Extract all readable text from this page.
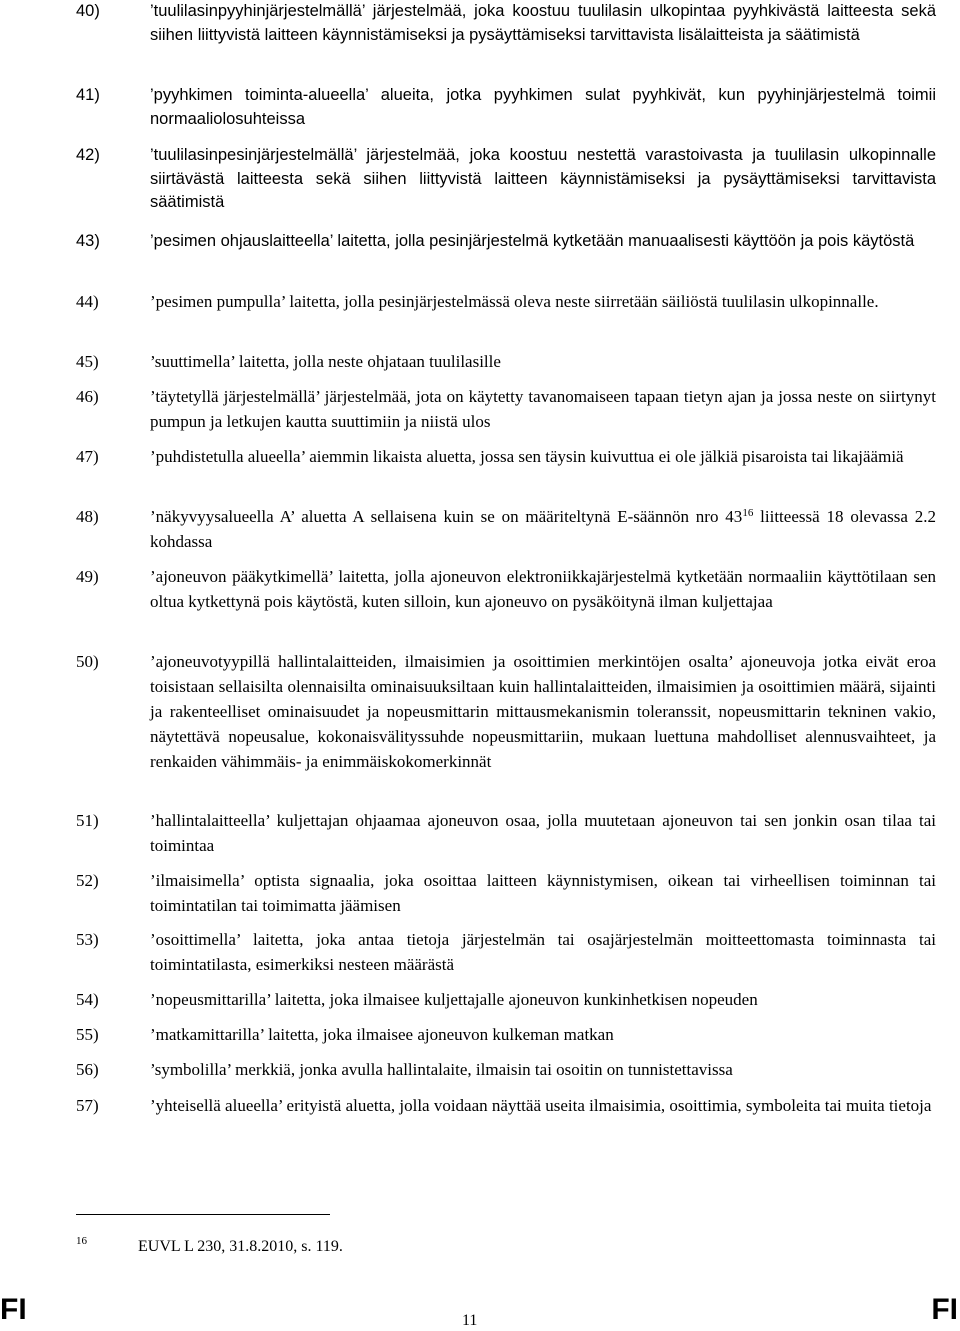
40)	’tuulilasinpyyhinjärjestelmällä’ järjestelmää, joka koostuu tuulilasin ulkopintaa pyyhkivästä laitteesta sekä siihen liittyvistä laitteen käynnistämiseksi ja pysäyttämiseksi tarvittavista lisälaitteista ja säätimistä
41)	’pyyhkimen toiminta-alueella’ alueita, jotka pyyhkimen sulat pyyhkivät, kun pyyhinjärjestelmä toimii normaaliolosuhteissa
42)	’tuulilasinpesinjärjestelmällä’ järjestelmää, joka koostuu nestettä varastoivasta ja tuulilasin ulkopinnalle siirtävästä laitteesta sekä siihen liittyvistä laitteen käynnistämiseksi ja pysäyttämiseksi tarvittavista säätimistä
43)	’pesimen ohjauslaitteella’ laitetta, jolla pesinjärjestelmä kytketään manuaalisesti käyttöön ja pois käytöstä
44)	’pesimen pumpulla’ laitetta, jolla pesinjärjestelmässä oleva neste siirretään säiliöstä tuulilasin ulkopinnalle.
45)	’suuttimella’ laitetta, jolla neste ohjataan tuulilasille
46)	’täytetyllä järjestelmällä’ järjestelmää, jota on käytetty tavanomaiseen tapaan tietyn ajan ja jossa neste on siirtynyt pumpun ja letkujen kautta suuttimiin ja niistä ulos
47)	’puhdistetulla alueella’ aiemmin likaista aluetta, jossa sen täysin kuivuttua ei ole jälkiä pisaroista tai likajäämiä
48)	’näkyvyysalueella A’ aluetta A sellaisena kuin se on määriteltynä E-säännön nro $43^{16}$ liitteessä 18 olevassa 2.2 kohdassa
49)	’ajoneuvon pääkytkimellä’ laitetta, jolla ajoneuvon elektroniikkajärjestelmä kytketään normaaliin käyttötilaan sen oltua kytkettynä pois käytöstä, kuten silloin, kun ajoneuvo on pysäköitynä ilman kuljettajaa
50)	’ajoneuvotyypillä hallintalaitteiden, ilmaisimien ja osoittimien merkintöjen osalta’ ajoneuvoja jotka eivät eroa toisistaan sellaisilta olennaisilta ominaisuuksiltaan kuin hallintalaitteiden, ilmaisimien ja osoittimien määrä, sijainti ja rakenteelliset ominaisuudet ja nopeusmittarin mittausmekanismin toleranssit, nopeusmittarin tekninen vakio, näytettävä nopeusalue, kokonaisvälityssuhde nopeusmittariin, mukaan luettuna mahdolliset alennusvaihteet, ja renkaiden vähimmäis- ja enimmäiskokomerkinnät
51)	’hallintalaitteella’ kuljettajan ohjaamaa ajoneuvon osaa, jolla muutetaan ajoneuvon tai sen jonkin osan tilaa tai toimintaa
52)	’ilmaisimella’ optista signaalia, joka osoittaa laitteen käynnistymisen, oikean tai virheellisen toiminnan tai toimintatilan tai toimimatta jäämisen
53)	’osoittimella’ laitetta, joka antaa tietoja järjestelmän tai osajärjestelmän moitteettomasta toiminnasta tai toimintatilasta, esimerkiksi nesteen määrästä
54)	’nopeusmittarilla’ laitetta, joka ilmaisee kuljettajalle ajoneuvon kunkinhetkisen nopeuden
55)	’matkamittarilla’ laitetta, joka ilmaisee ajoneuvon kulkeman matkan
56)	’symbolilla’ merkkiä, jonka avulla hallintalaite, ilmaisin tai osoitin on tunnistettavissa
57)	’yhteisellä alueella’ erityistä aluetta, jolla voidaan näyttää useita ilmaisimia, osoittimia, symboleita tai muita tietoja
16	EUVL L 230, 31.8.2010, s. 119.
FI	11	FI
